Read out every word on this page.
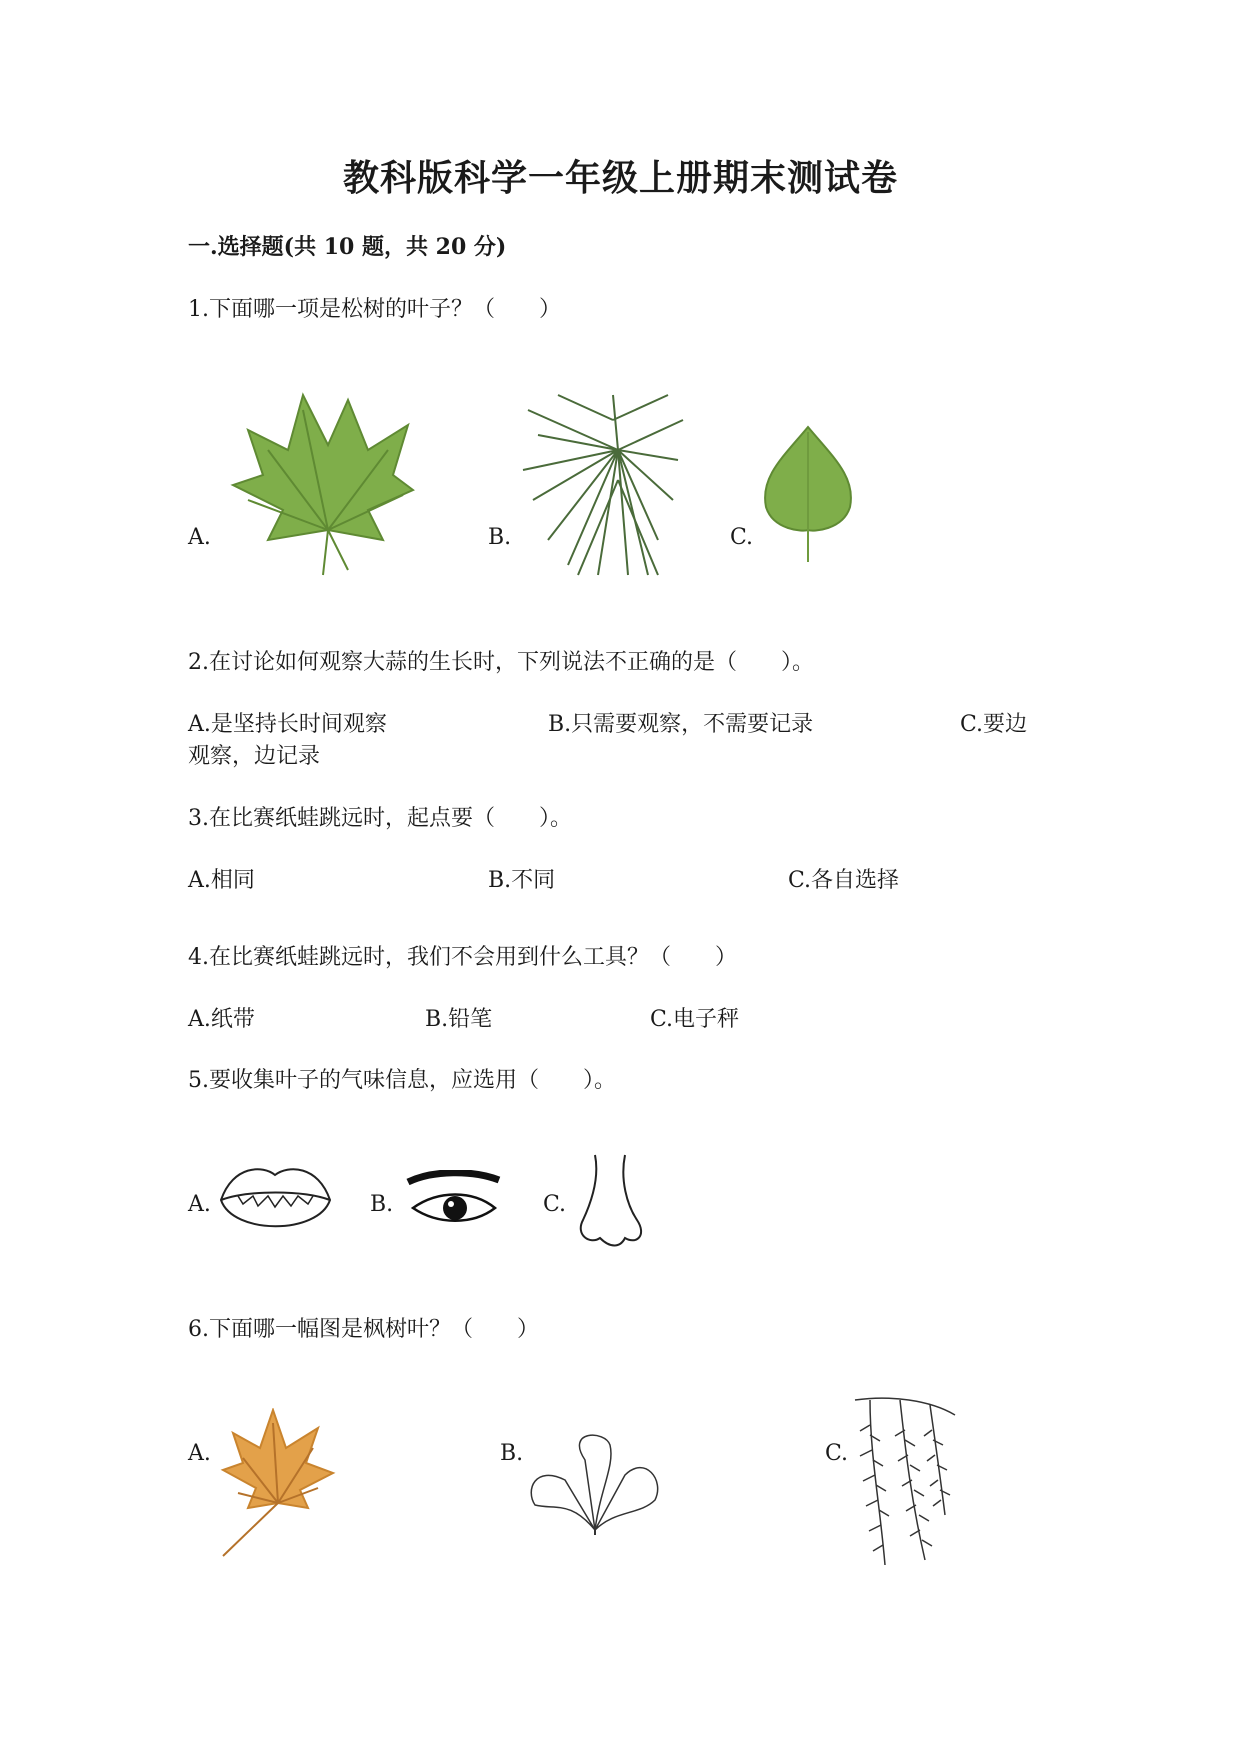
教科版科学一年级上册期末测试卷
一.选择题(共 10 题，共 20 分)
1.下面哪一项是松树的叶子？（　　）
A.	B.	C.
2.在讨论如何观察大蒜的生长时，下列说法不正确的是（　　）。
A.是坚持长时间观察	B.只需要观察，不需要记录	C.要边
观察，边记录
3.在比赛纸蛙跳远时，起点要（　　）。
A.相同	B.不同	C.各自选择
4.在比赛纸蛙跳远时，我们不会用到什么工具？（　　）
A.纸带	B.铅笔	C.电子秤
5.要收集叶子的气味信息，应选用（　　）。
A.	B.	C.
6.下面哪一幅图是枫树叶？（　　）
A.	B.	C.
